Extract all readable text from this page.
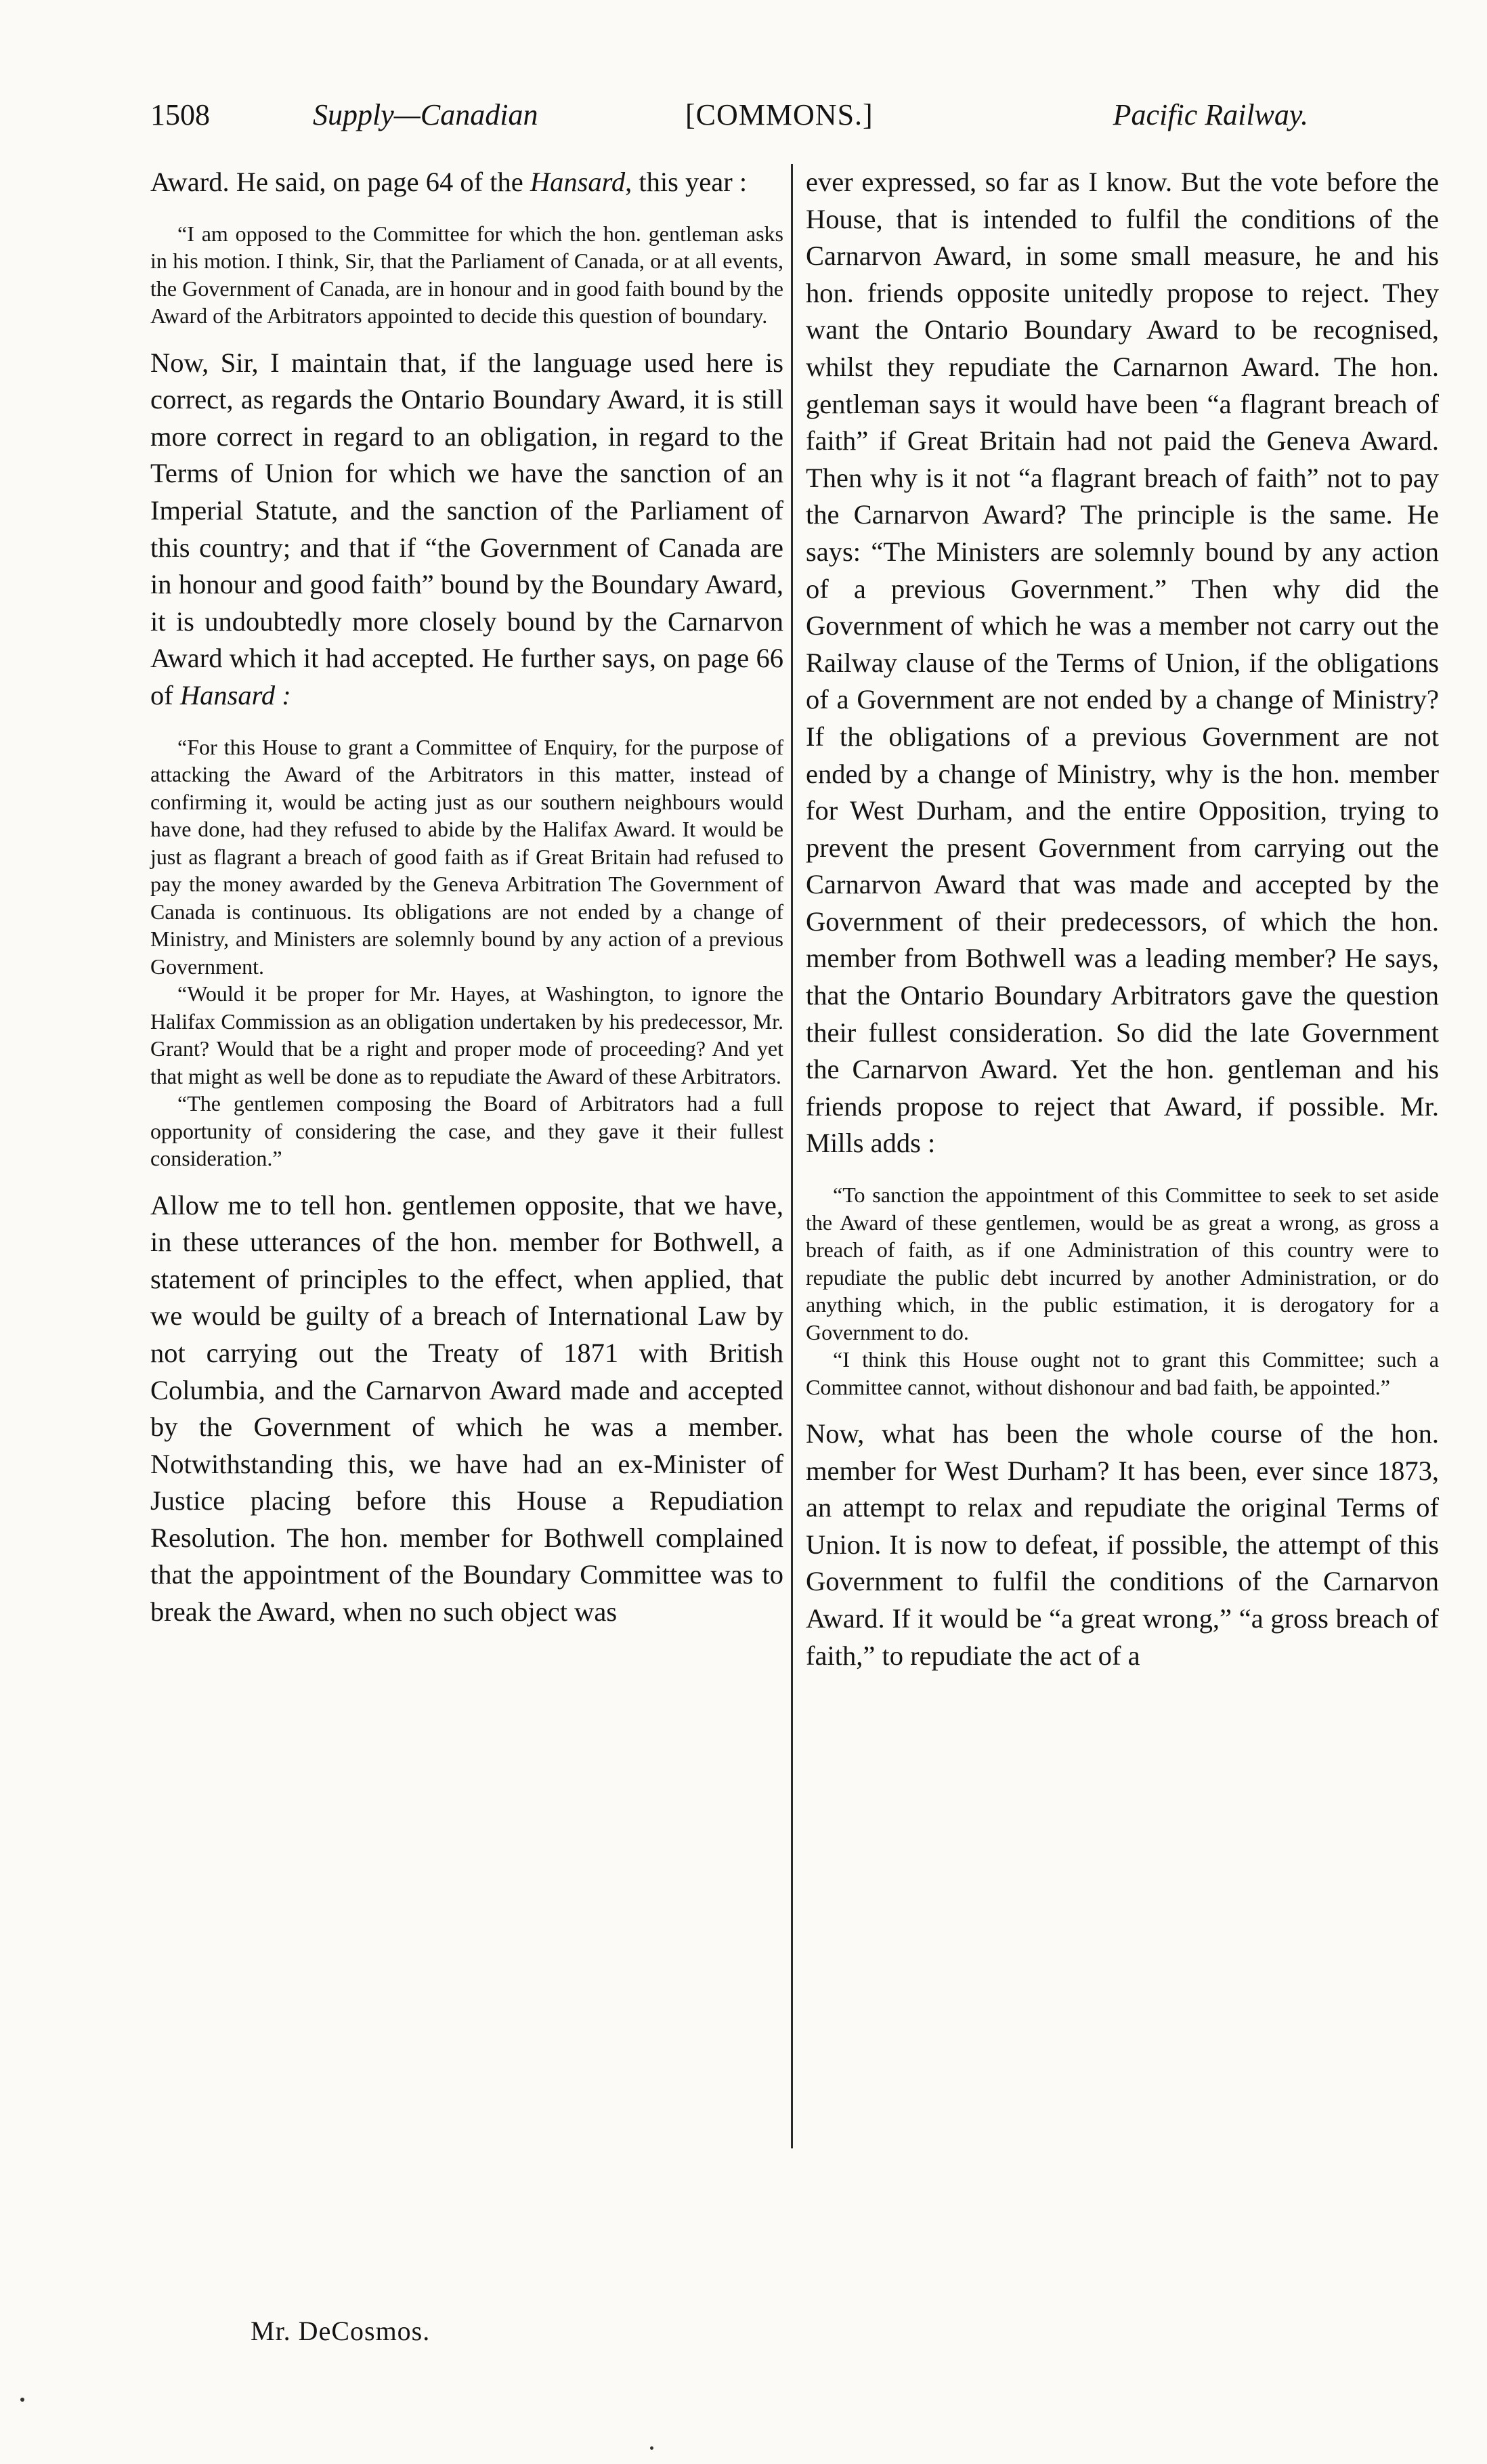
1508	Supply—Canadian	[COMMONS.]	Pacific Railway.

Award. He said, on page 64 of the Hansard, this year :

“I am opposed to the Committee for which the hon. gentleman asks in his motion. I think, Sir, that the Parliament of Canada, or at all events, the Government of Canada, are in honour and in good faith bound by the Award of the Arbitrators appointed to decide this question of boundary.

Now, Sir, I maintain that, if the language used here is correct, as regards the Ontario Boundary Award, it is still more correct in regard to an obligation, in regard to the Terms of Union for which we have the sanction of an Imperial Statute, and the sanction of the Parliament of this country; and that if “the Government of Canada are in honour and good faith” bound by the Boundary Award, it is undoubtedly more closely bound by the Carnarvon Award which it had accepted. He further says, on page 66 of Hansard :

“For this House to grant a Committee of Enquiry, for the purpose of attacking the Award of the Arbitrators in this matter, instead of confirming it, would be acting just as our southern neighbours would have done, had they refused to abide by the Halifax Award. It would be just as flagrant a breach of good faith as if Great Britain had refused to pay the money awarded by the Geneva Arbitration The Government of Canada is continuous. Its obligations are not ended by a change of Ministry, and Ministers are solemnly bound by any action of a previous Government.

“Would it be proper for Mr. Hayes, at Washington, to ignore the Halifax Commission as an obligation undertaken by his predecessor, Mr. Grant? Would that be a right and proper mode of proceeding? And yet that might as well be done as to repudiate the Award of these Arbitrators.

“The gentlemen composing the Board of Arbitrators had a full opportunity of considering the case, and they gave it their fullest consideration.”

Allow me to tell hon. gentlemen opposite, that we have, in these utterances of the hon. member for Bothwell, a statement of principles to the effect, when applied, that we would be guilty of a breach of International Law by not carrying out the Treaty of 1871 with British Columbia, and the Carnarvon Award made and accepted by the Government of which he was a member. Notwithstanding this, we have had an ex-Minister of Justice placing before this House a Repudiation Resolution. The hon. member for Bothwell complained that the appointment of the Boundary Committee was to break the Award, when no such object was

ever expressed, so far as I know. But the vote before the House, that is intended to fulfil the conditions of the Carnarvon Award, in some small measure, he and his hon. friends opposite unitedly propose to reject. They want the Ontario Boundary Award to be recognised, whilst they repudiate the Carnarnon Award. The hon. gentleman says it would have been “a flagrant breach of faith” if Great Britain had not paid the Geneva Award. Then why is it not “a flagrant breach of faith” not to pay the Carnarvon Award? The principle is the same. He says: “The Ministers are solemnly bound by any action of a previous Government.” Then why did the Government of which he was a member not carry out the Railway clause of the Terms of Union, if the obligations of a Government are not ended by a change of Ministry? If the obligations of a previous Government are not ended by a change of Ministry, why is the hon. member for West Durham, and the entire Opposition, trying to prevent the present Government from carrying out the Carnarvon Award that was made and accepted by the Government of their predecessors, of which the hon. member from Bothwell was a leading member? He says, that the Ontario Boundary Arbitrators gave the question their fullest consideration. So did the late Government the Carnarvon Award. Yet the hon. gentleman and his friends propose to reject that Award, if possible. Mr. Mills adds :

“To sanction the appointment of this Committee to seek to set aside the Award of these gentlemen, would be as great a wrong, as gross a breach of faith, as if one Administration of this country were to repudiate the public debt incurred by another Administration, or do anything which, in the public estimation, it is derogatory for a Government to do.

“I think this House ought not to grant this Committee; such a Committee cannot, without dishonour and bad faith, be appointed.”

Now, what has been the whole course of the hon. member for West Durham? It has been, ever since 1873, an attempt to relax and repudiate the original Terms of Union. It is now to defeat, if possible, the attempt of this Government to fulfil the conditions of the Carnarvon Award. If it would be “a great wrong,” “a gross breach of faith,” to repudiate the act of a

Mr. DeCosmos.
